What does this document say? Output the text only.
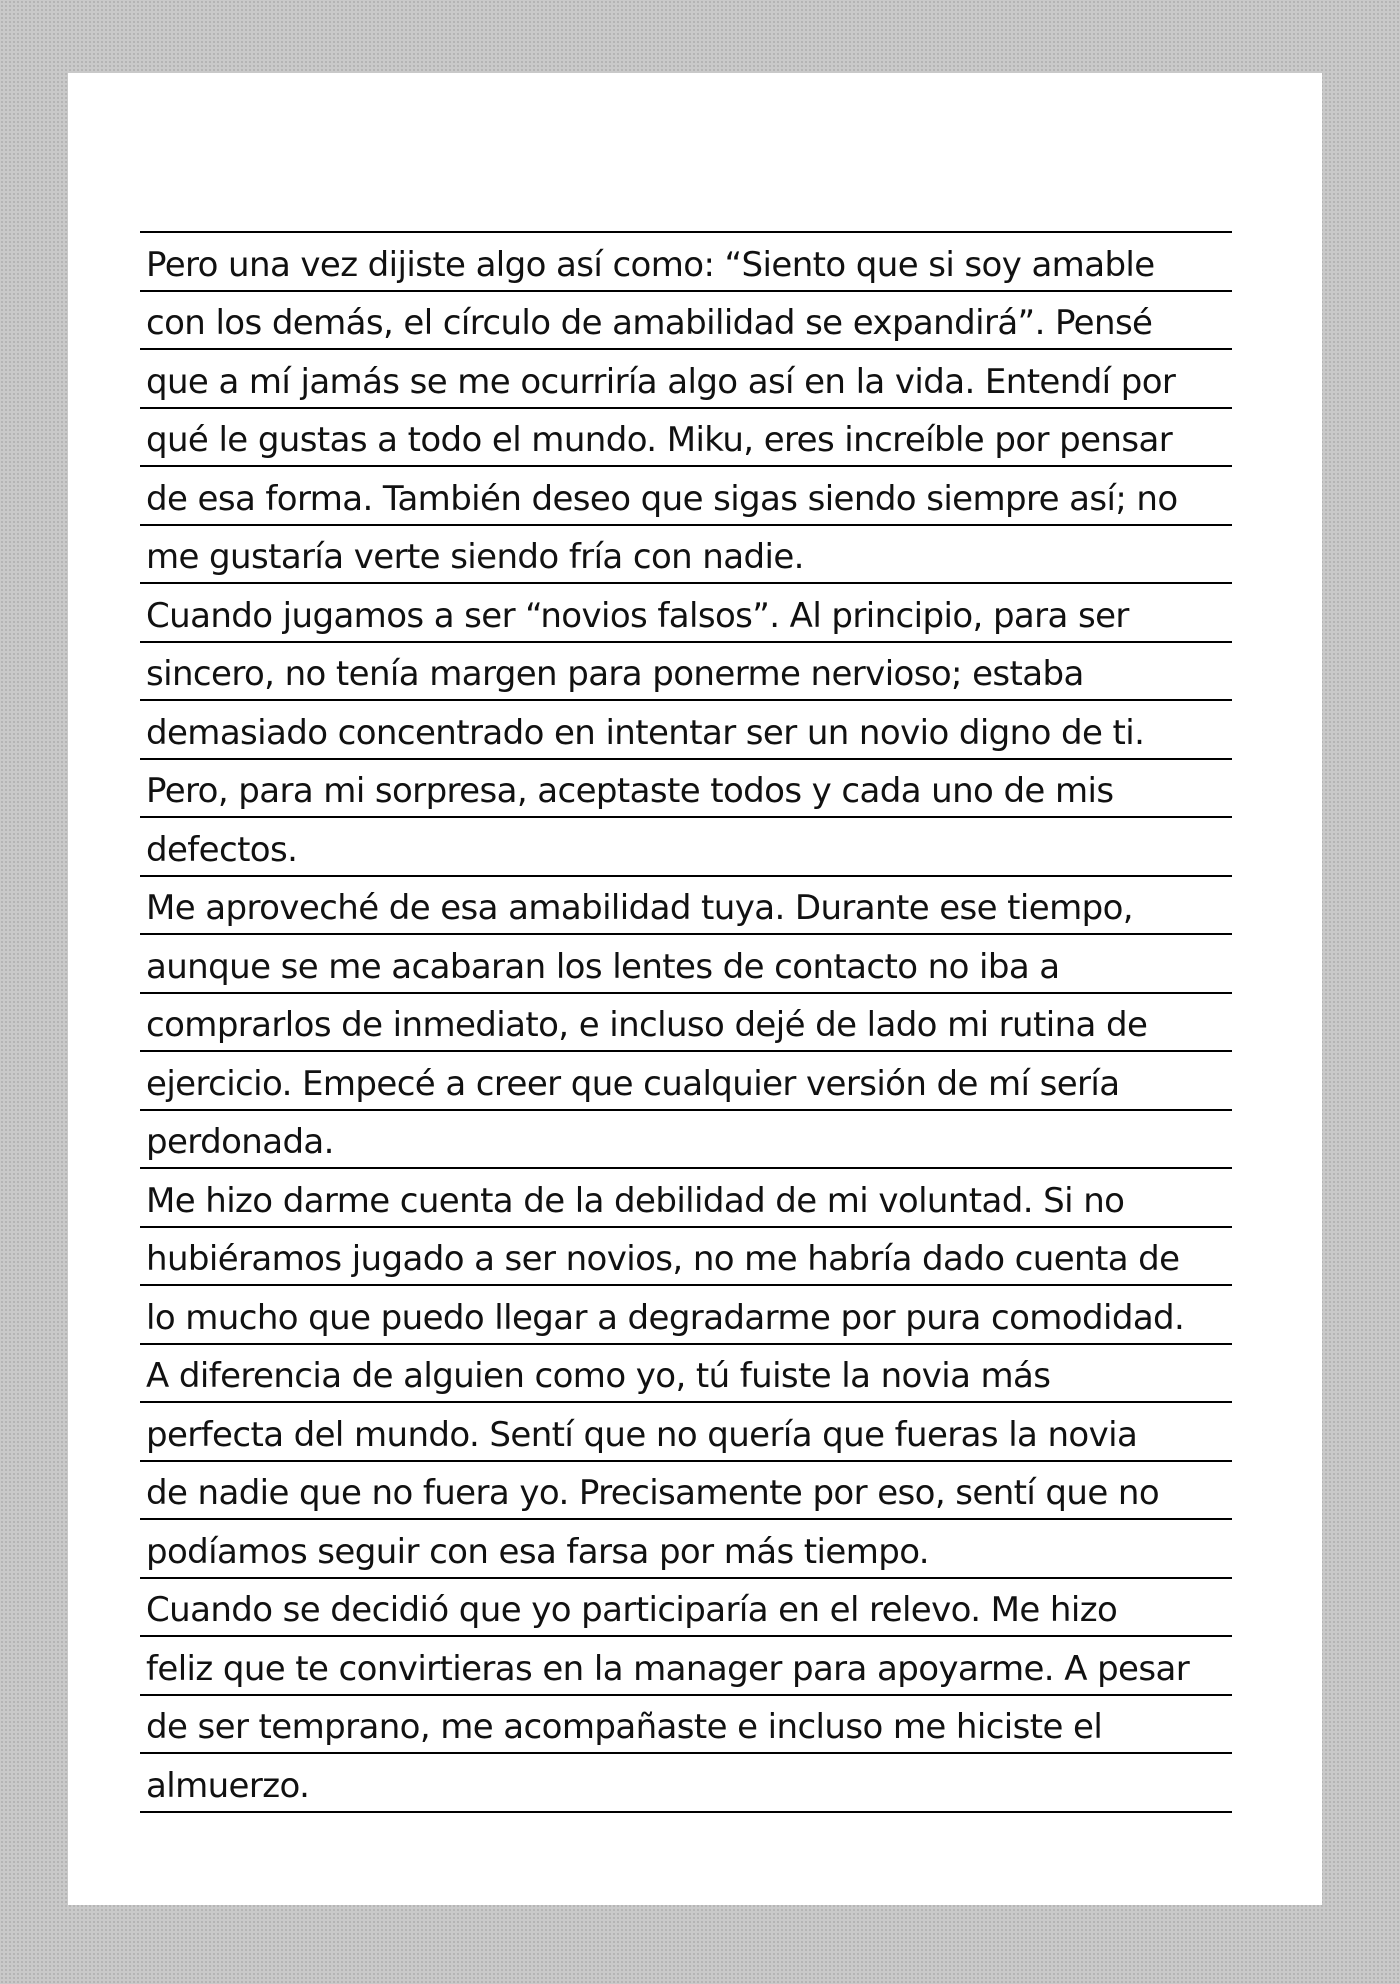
Pero una vez dijiste algo así como: “Siento que si soy amable
con los demás, el círculo de amabilidad se expandirá”. Pensé
que a mí jamás se me ocurriría algo así en la vida. Entendí por
qué le gustas a todo el mundo. Miku, eres increíble por pensar
de esa forma. También deseo que sigas siendo siempre así; no
me gustaría verte siendo fría con nadie.
Cuando jugamos a ser “novios falsos”. Al principio, para ser
sincero, no tenía margen para ponerme nervioso; estaba
demasiado concentrado en intentar ser un novio digno de ti.
Pero, para mi sorpresa, aceptaste todos y cada uno de mis
defectos.
Me aproveché de esa amabilidad tuya. Durante ese tiempo,
aunque se me acabaran los lentes de contacto no iba a
comprarlos de inmediato, e incluso dejé de lado mi rutina de
ejercicio. Empecé a creer que cualquier versión de mí sería
perdonada.
Me hizo darme cuenta de la debilidad de mi voluntad. Si no
hubiéramos jugado a ser novios, no me habría dado cuenta de
lo mucho que puedo llegar a degradarme por pura comodidad.
A diferencia de alguien como yo, tú fuiste la novia más
perfecta del mundo. Sentí que no quería que fueras la novia
de nadie que no fuera yo. Precisamente por eso, sentí que no
podíamos seguir con esa farsa por más tiempo.
Cuando se decidió que yo participaría en el relevo. Me hizo
feliz que te convirtieras en la manager para apoyarme. A pesar
de ser temprano, me acompañaste e incluso me hiciste el
almuerzo.
